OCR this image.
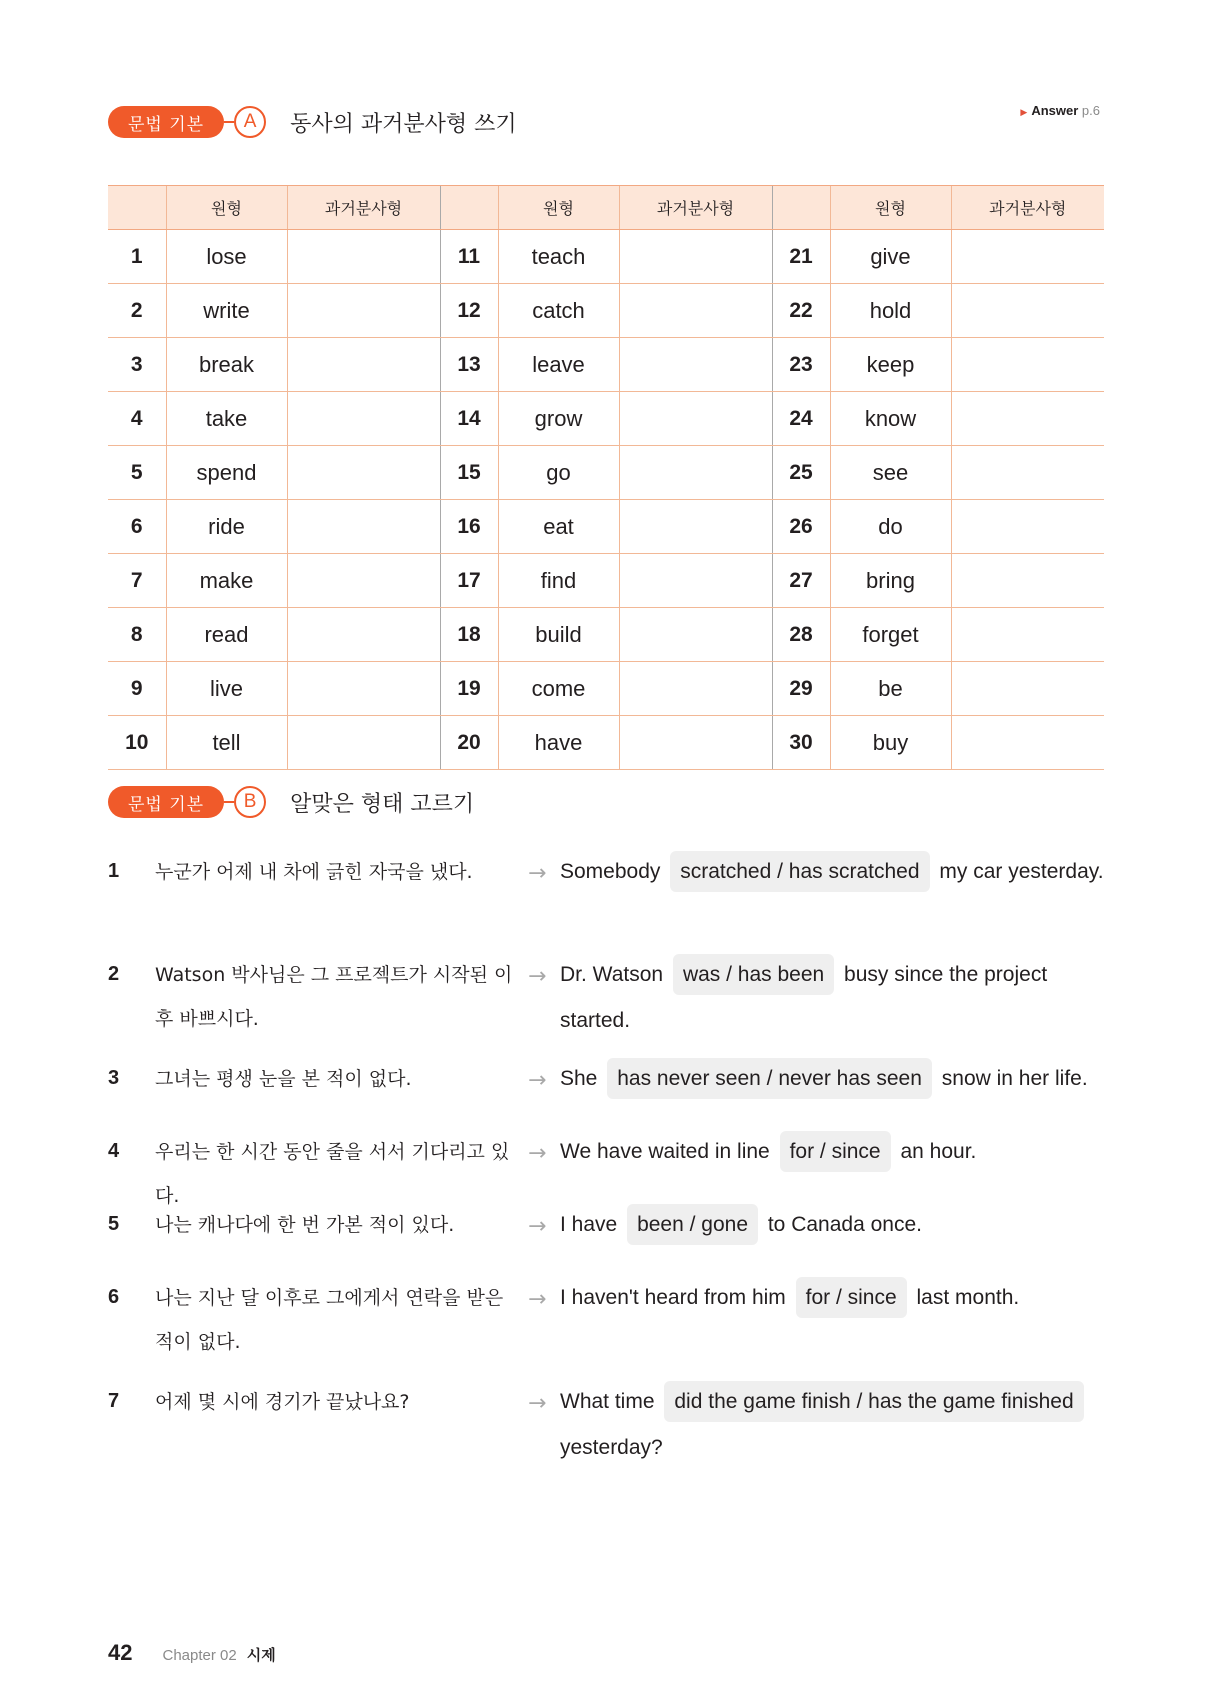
▶ Answer p.6
문법 기본	A	동사의 과거분사형 쓰기
	원형	과거분사형		원형	과거분사형		원형	과거분사형
1	lose		11	teach		21	give	
2	write		12	catch		22	hold	
3	break		13	leave		23	keep	
4	take		14	grow		24	know	
5	spend		15	go		25	see	
6	ride		16	eat		26	do	
7	make		17	find		27	bring	
8	read		18	build		28	forget	
9	live		19	come		29	be	
10	tell		20	have		30	buy	
문법 기본	B	알맞은 형태 고르기
1 누군가 어제 내 차에 긁힌 자국을 냈다.	→ Somebody scratched / has scratched my car yesterday.
2 Watson 박사님은 그 프로젝트가 시작된 이후 바쁘시다.
→ Dr. Watson was / has been busy since the project started.
3 그녀는 평생 눈을 본 적이 없다.	→ She has never seen / never has seen snow in her life.
4 우리는 한 시간 동안 줄을 서서 기다리고 있다.
→ We have waited in line for / since an hour.
5 나는 캐나다에 한 번 가본 적이 있다.	→ I have been / gone to Canada once.
6 나는 지난 달 이후로 그에게서 연락을 받은 적이 없다.
→ I haven't heard from him for / since last month.
7 어제 몇 시에 경기가 끝났나요?	→ What time did the game finish / has the game finished yesterday?
42 Chapter 02 시제
